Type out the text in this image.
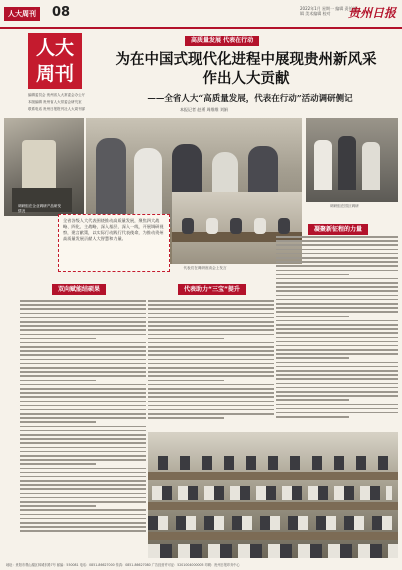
人大周刊	08	2022年1月 星期一 编辑 责任编辑 美术编辑 校对	贵州日报
人大
周刊
编辑委员会 贵州省人大常委会办公厅
本版编辑 贵州省人大常委会研究室
联系电话 贵州日报报刊社人大周刊部
高质量发展 代表在行动
为在中国式现代化进程中展现贵州新风采
作出人大贡献
——全省人大“高质量发展，代表在行动”活动调研侧记
本报记者 赵勇 周维维 刘娟
调研组在企业调研产品研发情况
调研组在园区调研
全省各级人大代表围绕推动高质量发展，聚焦四大战略、四化、主战略，深入基层、深入一线，开展调研视察，建言献策，以实际行动践行代表使命，为推动贵州高质量发展贡献人大智慧和力量。
代表们在调研座谈会上发言
凝聚新征程的力量
双向赋能结硕果	代表助力“三宝”提升
地址：贵阳市观山湖区林城东路7号 邮编：550081 电话：0851-86627000 传真：0851-86627080 广告经营许可证：5201004000005 印刷：贵州日报印务中心
